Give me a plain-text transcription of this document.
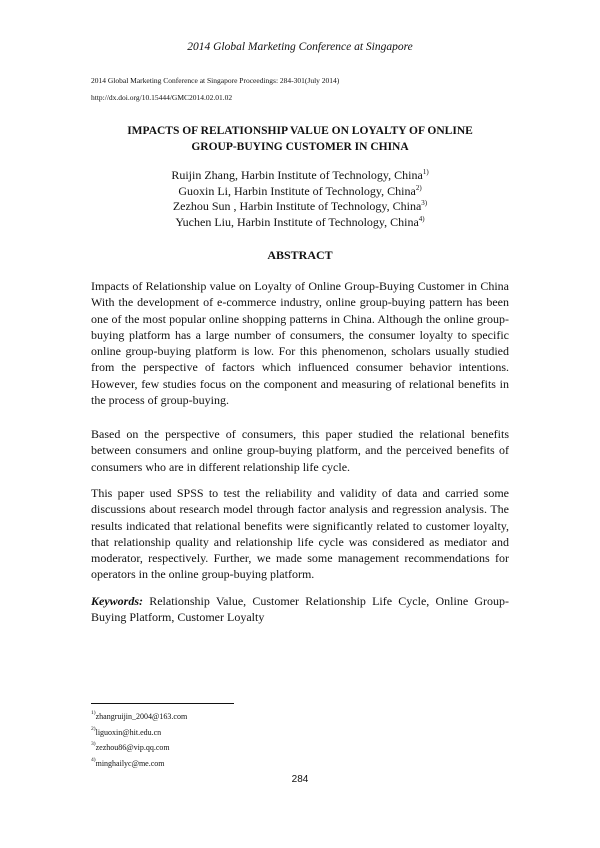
2014 Global Marketing Conference at Singapore
2014 Global Marketing Conference at Singapore Proceedings: 284-301(July 2014)
http://dx.doi.org/10.15444/GMC2014.02.01.02
IMPACTS OF RELATIONSHIP VALUE ON LOYALTY OF ONLINE
GROUP-BUYING CUSTOMER IN CHINA
Ruijin Zhang, Harbin Institute of Technology, China$^{1)}$
Guoxin Li, Harbin Institute of Technology, China$^{2)}$
Zezhou Sun , Harbin Institute of Technology, China$^{3)}$
Yuchen Liu, Harbin Institute of Technology, China$^{4)}$
ABSTRACT
Impacts of Relationship value on Loyalty of Online Group-Buying Customer in China With the development of e-commerce industry, online group-buying pattern has been one of the most popular online shopping patterns in China. Although the online group-buying platform has a large number of consumers, the consumer loyalty to specific online group-buying platform is low. For this phenomenon, scholars usually studied from the perspective of factors which influenced consumer behavior intentions. However, few studies focus on the component and measuring of relational benefits in the process of group-buying.
Based on the perspective of consumers, this paper studied the relational benefits between consumers and online group-buying platform, and the perceived benefits of consumers who are in different relationship life cycle.
This paper used SPSS to test the reliability and validity of data and carried some discussions about research model through factor analysis and regression analysis. The results indicated that relational benefits were significantly related to customer loyalty, that relationship quality and relationship life cycle was considered as mediator and moderator, respectively. Further, we made some management recommendations for operators in the online group-buying platform.
Keywords: Relationship Value, Customer Relationship Life Cycle, Online Group-Buying Platform, Customer Loyalty
$^{1)}$zhangruijin_2004@163.com
$^{2)}$liguoxin@hit.edu.cn
$^{3)}$zezhou86@vip.qq.com
$^{4)}$minghailyc@me.com
284
